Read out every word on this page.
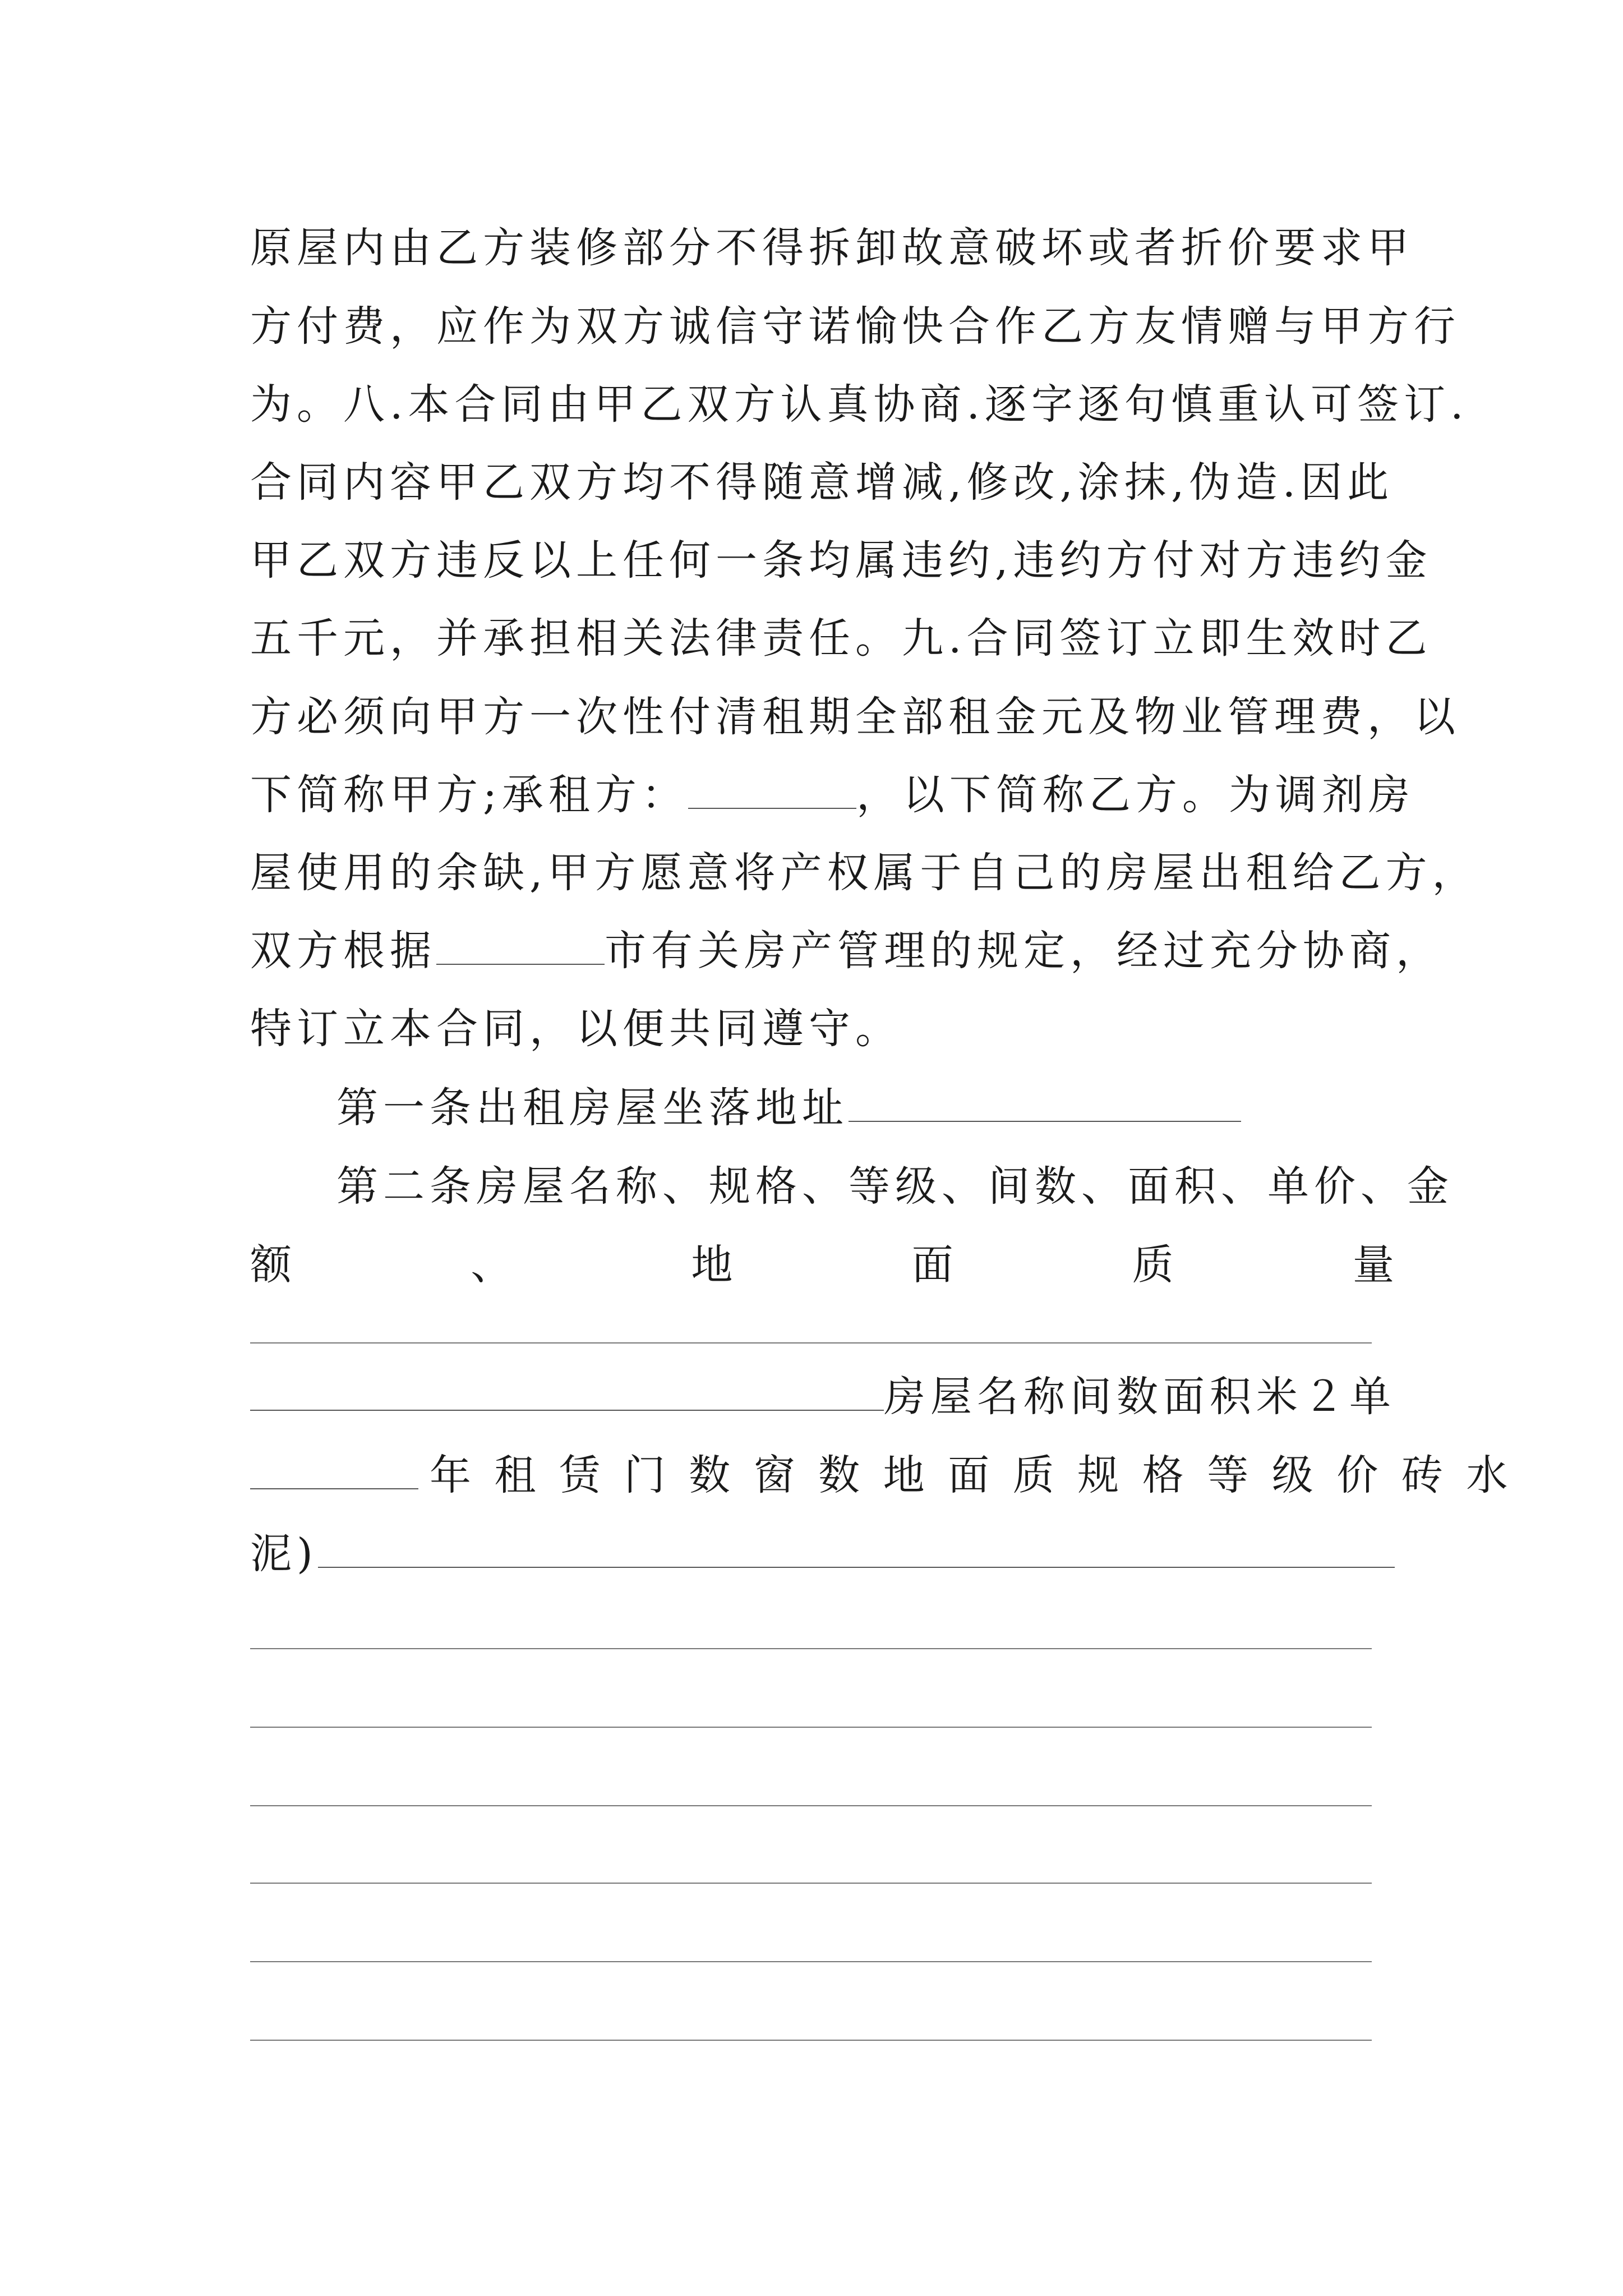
原屋内由乙方装修部分不得拆卸故意破坏或者折价要求甲
方付费，应作为双方诚信守诺愉快合作乙方友情赠与甲方行
为。八.本合同由甲乙双方认真协商.逐字逐句慎重认可签订.
合同内容甲乙双方均不得随意增减,修改,涂抹,伪造.因此
甲乙双方违反以上任何一条均属违约,违约方付对方违约金
五千元，并承担相关法律责任。九.合同签订立即生效时乙
方必须向甲方一次性付清租期全部租金元及物业管理费，以
下简称甲方;承租方：	，以下简称乙方。为调剂房
屋使用的余缺,甲方愿意将产权属于自己的房屋出租给乙方，
双方根据	市有关房产管理的规定，经过充分协商，
特订立本合同，以便共同遵守。
第一条出租房屋坐落地址
第二条房屋名称、规格、等级、间数、面积、单价、金
额	、	地	面	质	量
房屋名称间数面积米２单
年 租 赁 门 数 窗 数 地 面 质 规 格 等 级 价 砖 水
泥)
